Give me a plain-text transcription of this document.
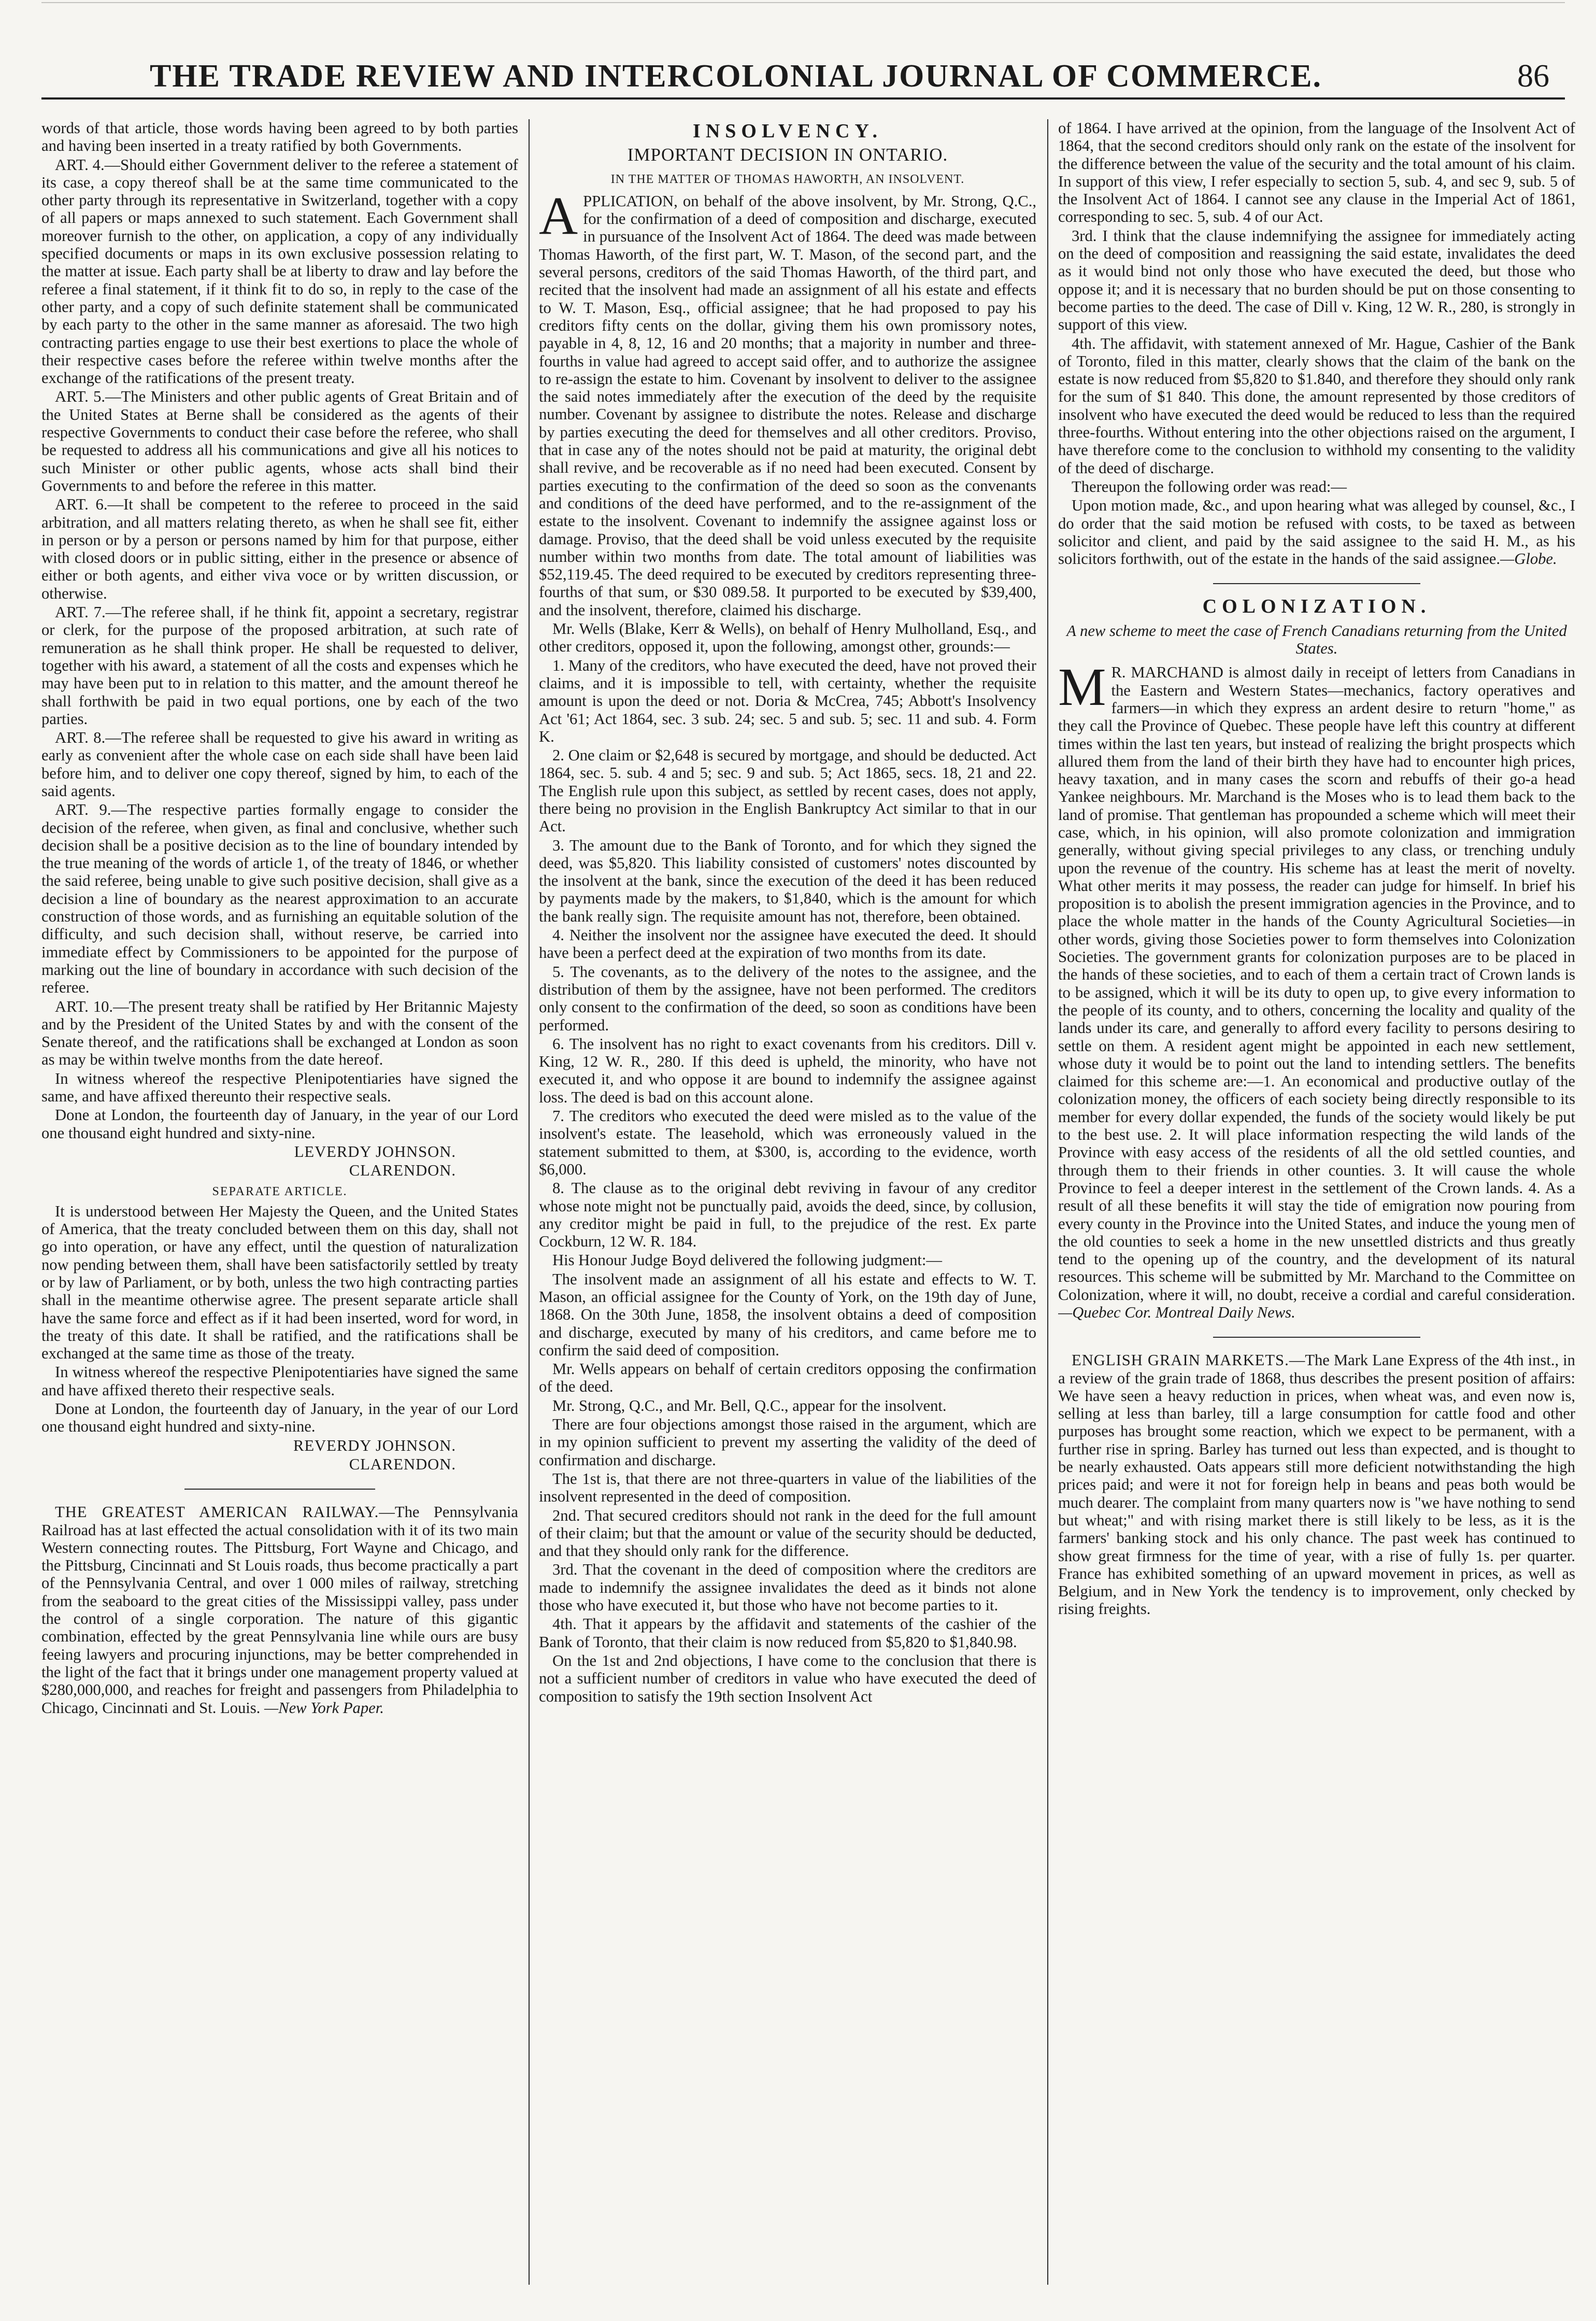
THE TRADE REVIEW AND INTERCOLONIAL JOURNAL OF COMMERCE.	86

words of that article, those words having been agreed to by both parties and having been inserted in a treaty ratified by both Governments.

ART. 4.—Should either Government deliver to the referee a statement of its case, a copy thereof shall be at the same time communicated to the other party through its representative in Switzerland, together with a copy of all papers or maps annexed to such statement. Each Government shall moreover furnish to the other, on application, a copy of any individually specified documents or maps in its own exclusive possession relating to the matter at issue. Each party shall be at liberty to draw and lay before the referee a final statement, if it think fit to do so, in reply to the case of the other party, and a copy of such definite statement shall be communicated by each party to the other in the same manner as aforesaid. The two high contracting parties engage to use their best exertions to place the whole of their respective cases before the referee within twelve months after the exchange of the ratifications of the present treaty.

ART. 5.—The Ministers and other public agents of Great Britain and of the United States at Berne shall be considered as the agents of their respective Governments to conduct their case before the referee, who shall be requested to address all his communications and give all his notices to such Minister or other public agents, whose acts shall bind their Governments to and before the referee in this matter.

ART. 6.—It shall be competent to the referee to proceed in the said arbitration, and all matters relating thereto, as when he shall see fit, either in person or by a person or persons named by him for that purpose, either with closed doors or in public sitting, either in the presence or absence of either or both agents, and either viva voce or by written discussion, or otherwise.

ART. 7.—The referee shall, if he think fit, appoint a secretary, registrar or clerk, for the purpose of the proposed arbitration, at such rate of remuneration as he shall think proper. He shall be requested to deliver, together with his award, a statement of all the costs and expenses which he may have been put to in relation to this matter, and the amount thereof he shall forthwith be paid in two equal portions, one by each of the two parties.

ART. 8.—The referee shall be requested to give his award in writing as early as convenient after the whole case on each side shall have been laid before him, and to deliver one copy thereof, signed by him, to each of the said agents.

ART. 9.—The respective parties formally engage to consider the decision of the referee, when given, as final and conclusive, whether such decision shall be a positive decision as to the line of boundary intended by the true meaning of the words of article 1, of the treaty of 1846, or whether the said referee, being unable to give such positive decision, shall give as a decision a line of boundary as the nearest approximation to an accurate construction of those words, and as furnishing an equitable solution of the difficulty, and such decision shall, without reserve, be carried into immediate effect by Commissioners to be appointed for the purpose of marking out the line of boundary in accordance with such decision of the referee.

ART. 10.—The present treaty shall be ratified by Her Britannic Majesty and by the President of the United States by and with the consent of the Senate thereof, and the ratifications shall be exchanged at London as soon as may be within twelve months from the date hereof.

In witness whereof the respective Plenipotentiaries have signed the same, and have affixed thereunto their respective seals.

Done at London, the fourteenth day of January, in the year of our Lord one thousand eight hundred and sixty-nine.

LEVERDY JOHNSON.

CLARENDON.

SEPARATE ARTICLE.

It is understood between Her Majesty the Queen, and the United States of America, that the treaty concluded between them on this day, shall not go into operation, or have any effect, until the question of naturalization now pending between them, shall have been satisfactorily settled by treaty or by law of Parliament, or by both, unless the two high contracting parties shall in the meantime otherwise agree. The present separate article shall have the same force and effect as if it had been inserted, word for word, in the treaty of this date. It shall be ratified, and the ratifications shall be exchanged at the same time as those of the treaty.

In witness whereof the respective Plenipotentiaries have signed the same and have affixed thereto their respective seals.

Done at London, the fourteenth day of January, in the year of our Lord one thousand eight hundred and sixty-nine.

REVERDY JOHNSON.

CLARENDON.

THE GREATEST AMERICAN RAILWAY.—The Pennsylvania Railroad has at last effected the actual consolidation with it of its two main Western connecting routes. The Pittsburg, Fort Wayne and Chicago, and the Pittsburg, Cincinnati and St Louis roads, thus become practically a part of the Pennsylvania Central, and over 1 000 miles of railway, stretching from the seaboard to the great cities of the Mississippi valley, pass under the control of a single corporation. The nature of this gigantic combination, effected by the great Pennsylvania line while ours are busy feeing lawyers and procuring injunctions, may be better comprehended in the light of the fact that it brings under one management property valued at $280,000,000, and reaches for freight and passengers from Philadelphia to Chicago, Cincinnati and St. Louis. —New York Paper.

INSOLVENCY.
IMPORTANT DECISION IN ONTARIO.
IN THE MATTER OF THOMAS HAWORTH, AN INSOLVENT.

APPLICATION, on behalf of the above insolvent, by Mr. Strong, Q.C., for the confirmation of a deed of composition and discharge, executed in pursuance of the Insolvent Act of 1864. The deed was made between Thomas Haworth, of the first part, W. T. Mason, of the second part, and the several persons, creditors of the said Thomas Haworth, of the third part, and recited that the insolvent had made an assignment of all his estate and effects to W. T. Mason, Esq., official assignee; that he had proposed to pay his creditors fifty cents on the dollar, giving them his own promissory notes, payable in 4, 8, 12, 16 and 20 months; that a majority in number and three-fourths in value had agreed to accept said offer, and to authorize the assignee to re-assign the estate to him. Covenant by insolvent to deliver to the assignee the said notes immediately after the execution of the deed by the requisite number. Covenant by assignee to distribute the notes. Release and discharge by parties executing the deed for themselves and all other creditors. Proviso, that in case any of the notes should not be paid at maturity, the original debt shall revive, and be recoverable as if no need had been executed. Consent by parties executing to the confirmation of the deed so soon as the convenants and conditions of the deed have performed, and to the re-assignment of the estate to the insolvent. Covenant to indemnify the assignee against loss or damage. Proviso, that the deed shall be void unless executed by the requisite number within two months from date. The total amount of liabilities was $52,119.45. The deed required to be executed by creditors representing three-fourths of that sum, or $30 089.58. It purported to be executed by $39,400, and the insolvent, therefore, claimed his discharge.

Mr. Wells (Blake, Kerr & Wells), on behalf of Henry Mulholland, Esq., and other creditors, opposed it, upon the following, amongst other, grounds:—

1. Many of the creditors, who have executed the deed, have not proved their claims, and it is impossible to tell, with certainty, whether the requisite amount is upon the deed or not. Doria & McCrea, 745; Abbott's Insolvency Act '61; Act 1864, sec. 3 sub. 24; sec. 5 and sub. 5; sec. 11 and sub. 4. Form K.

2. One claim or $2,648 is secured by mortgage, and should be deducted. Act 1864, sec. 5. sub. 4 and 5; sec. 9 and sub. 5; Act 1865, secs. 18, 21 and 22. The English rule upon this subject, as settled by recent cases, does not apply, there being no provision in the English Bankruptcy Act similar to that in our Act.

3. The amount due to the Bank of Toronto, and for which they signed the deed, was $5,820. This liability consisted of customers' notes discounted by the insolvent at the bank, since the execution of the deed it has been reduced by payments made by the makers, to $1,840, which is the amount for which the bank really sign. The requisite amount has not, therefore, been obtained.

4. Neither the insolvent nor the assignee have executed the deed. It should have been a perfect deed at the expiration of two months from its date.

5. The covenants, as to the delivery of the notes to the assignee, and the distribution of them by the assignee, have not been performed. The creditors only consent to the confirmation of the deed, so soon as conditions have been performed.

6. The insolvent has no right to exact covenants from his creditors. Dill v. King, 12 W. R., 280. If this deed is upheld, the minority, who have not executed it, and who oppose it are bound to indemnify the assignee against loss. The deed is bad on this account alone.

7. The creditors who executed the deed were misled as to the value of the insolvent's estate. The leasehold, which was erroneously valued in the statement submitted to them, at $300, is, according to the evidence, worth $6,000.

8. The clause as to the original debt reviving in favour of any creditor whose note might not be punctually paid, avoids the deed, since, by collusion, any creditor might be paid in full, to the prejudice of the rest. Ex parte Cockburn, 12 W. R. 184.

His Honour Judge Boyd delivered the following judgment:—

The insolvent made an assignment of all his estate and effects to W. T. Mason, an official assignee for the County of York, on the 19th day of June, 1868. On the 30th June, 1858, the insolvent obtains a deed of composition and discharge, executed by many of his creditors, and came before me to confirm the said deed of composition.

Mr. Wells appears on behalf of certain creditors opposing the confirmation of the deed.

Mr. Strong, Q.C., and Mr. Bell, Q.C., appear for the insolvent.

There are four objections amongst those raised in the argument, which are in my opinion sufficient to prevent my asserting the validity of the deed of confirmation and discharge.

The 1st is, that there are not three-quarters in value of the liabilities of the insolvent represented in the deed of composition.

2nd. That secured creditors should not rank in the deed for the full amount of their claim; but that the amount or value of the security should be deducted, and that they should only rank for the difference.

3rd. That the covenant in the deed of composition where the creditors are made to indemnify the assignee invalidates the deed as it binds not alone those who have executed it, but those who have not become parties to it.

4th. That it appears by the affidavit and statements of the cashier of the Bank of Toronto, that their claim is now reduced from $5,820 to $1,840.98.

On the 1st and 2nd objections, I have come to the conclusion that there is not a sufficient number of creditors in value who have executed the deed of composition to satisfy the 19th section Insolvent Act

of 1864. I have arrived at the opinion, from the language of the Insolvent Act of 1864, that the second creditors should only rank on the estate of the insolvent for the difference between the value of the security and the total amount of his claim. In support of this view, I refer especially to section 5, sub. 4, and sec 9, sub. 5 of the Insolvent Act of 1864. I cannot see any clause in the Imperial Act of 1861, corresponding to sec. 5, sub. 4 of our Act.

3rd. I think that the clause indemnifying the assignee for immediately acting on the deed of composition and reassigning the said estate, invalidates the deed as it would bind not only those who have executed the deed, but those who oppose it; and it is necessary that no burden should be put on those consenting to become parties to the deed. The case of Dill v. King, 12 W. R., 280, is strongly in support of this view.

4th. The affidavit, with statement annexed of Mr. Hague, Cashier of the Bank of Toronto, filed in this matter, clearly shows that the claim of the bank on the estate is now reduced from $5,820 to $1.840, and therefore they should only rank for the sum of $1 840. This done, the amount represented by those creditors of insolvent who have executed the deed would be reduced to less than the required three-fourths. Without entering into the other objections raised on the argument, I have therefore come to the conclusion to withhold my consenting to the validity of the deed of discharge.

Thereupon the following order was read:—

Upon motion made, &c., and upon hearing what was alleged by counsel, &c., I do order that the said motion be refused with costs, to be taxed as between solicitor and client, and paid by the said assignee to the said H. M., as his solicitors forthwith, out of the estate in the hands of the said assignee.—Globe.

COLONIZATION.
A new scheme to meet the case of French Canadians returning from the United States.

M R. MARCHAND is almost daily in receipt of letters from Canadians in the Eastern and Western States—mechanics, factory operatives and farmers—in which they express an ardent desire to return "home," as they call the Province of Quebec. These people have left this country at different times within the last ten years, but instead of realizing the bright prospects which allured them from the land of their birth they have had to encounter high prices, heavy taxation, and in many cases the scorn and rebuffs of their go-a head Yankee neighbours. Mr. Marchand is the Moses who is to lead them back to the land of promise. That gentleman has propounded a scheme which will meet their case, which, in his opinion, will also promote colonization and immigration generally, without giving special privileges to any class, or trenching unduly upon the revenue of the country. His scheme has at least the merit of novelty. What other merits it may possess, the reader can judge for himself. In brief his proposition is to abolish the present immigration agencies in the Province, and to place the whole matter in the hands of the County Agricultural Societies—in other words, giving those Societies power to form themselves into Colonization Societies. The government grants for colonization purposes are to be placed in the hands of these societies, and to each of them a certain tract of Crown lands is to be assigned, which it will be its duty to open up, to give every information to the people of its county, and to others, concerning the locality and quality of the lands under its care, and generally to afford every facility to persons desiring to settle on them. A resident agent might be appointed in each new settlement, whose duty it would be to point out the land to intending settlers. The benefits claimed for this scheme are:—1. An economical and productive outlay of the colonization money, the officers of each society being directly responsible to its member for every dollar expended, the funds of the society would likely be put to the best use. 2. It will place information respecting the wild lands of the Province with easy access of the residents of all the old settled counties, and through them to their friends in other counties. 3. It will cause the whole Province to feel a deeper interest in the settlement of the Crown lands. 4. As a result of all these benefits it will stay the tide of emigration now pouring from every county in the Province into the United States, and induce the young men of the old counties to seek a home in the new unsettled districts and thus greatly tend to the opening up of the country, and the development of its natural resources. This scheme will be submitted by Mr. Marchand to the Committee on Colonization, where it will, no doubt, receive a cordial and careful consideration.—Quebec Cor. Montreal Daily News.

ENGLISH GRAIN MARKETS.—The Mark Lane Express of the 4th inst., in a review of the grain trade of 1868, thus describes the present position of affairs: We have seen a heavy reduction in prices, when wheat was, and even now is, selling at less than barley, till a large consumption for cattle food and other purposes has brought some reaction, which we expect to be permanent, with a further rise in spring. Barley has turned out less than expected, and is thought to be nearly exhausted. Oats appears still more deficient notwithstanding the high prices paid; and were it not for foreign help in beans and peas both would be much dearer. The complaint from many quarters now is "we have nothing to send but wheat;" and with rising market there is still likely to be less, as it is the farmers' banking stock and his only chance. The past week has continued to show great firmness for the time of year, with a rise of fully 1s. per quarter. France has exhibited something of an upward movement in prices, as well as Belgium, and in New York the tendency is to improvement, only checked by rising freights.
